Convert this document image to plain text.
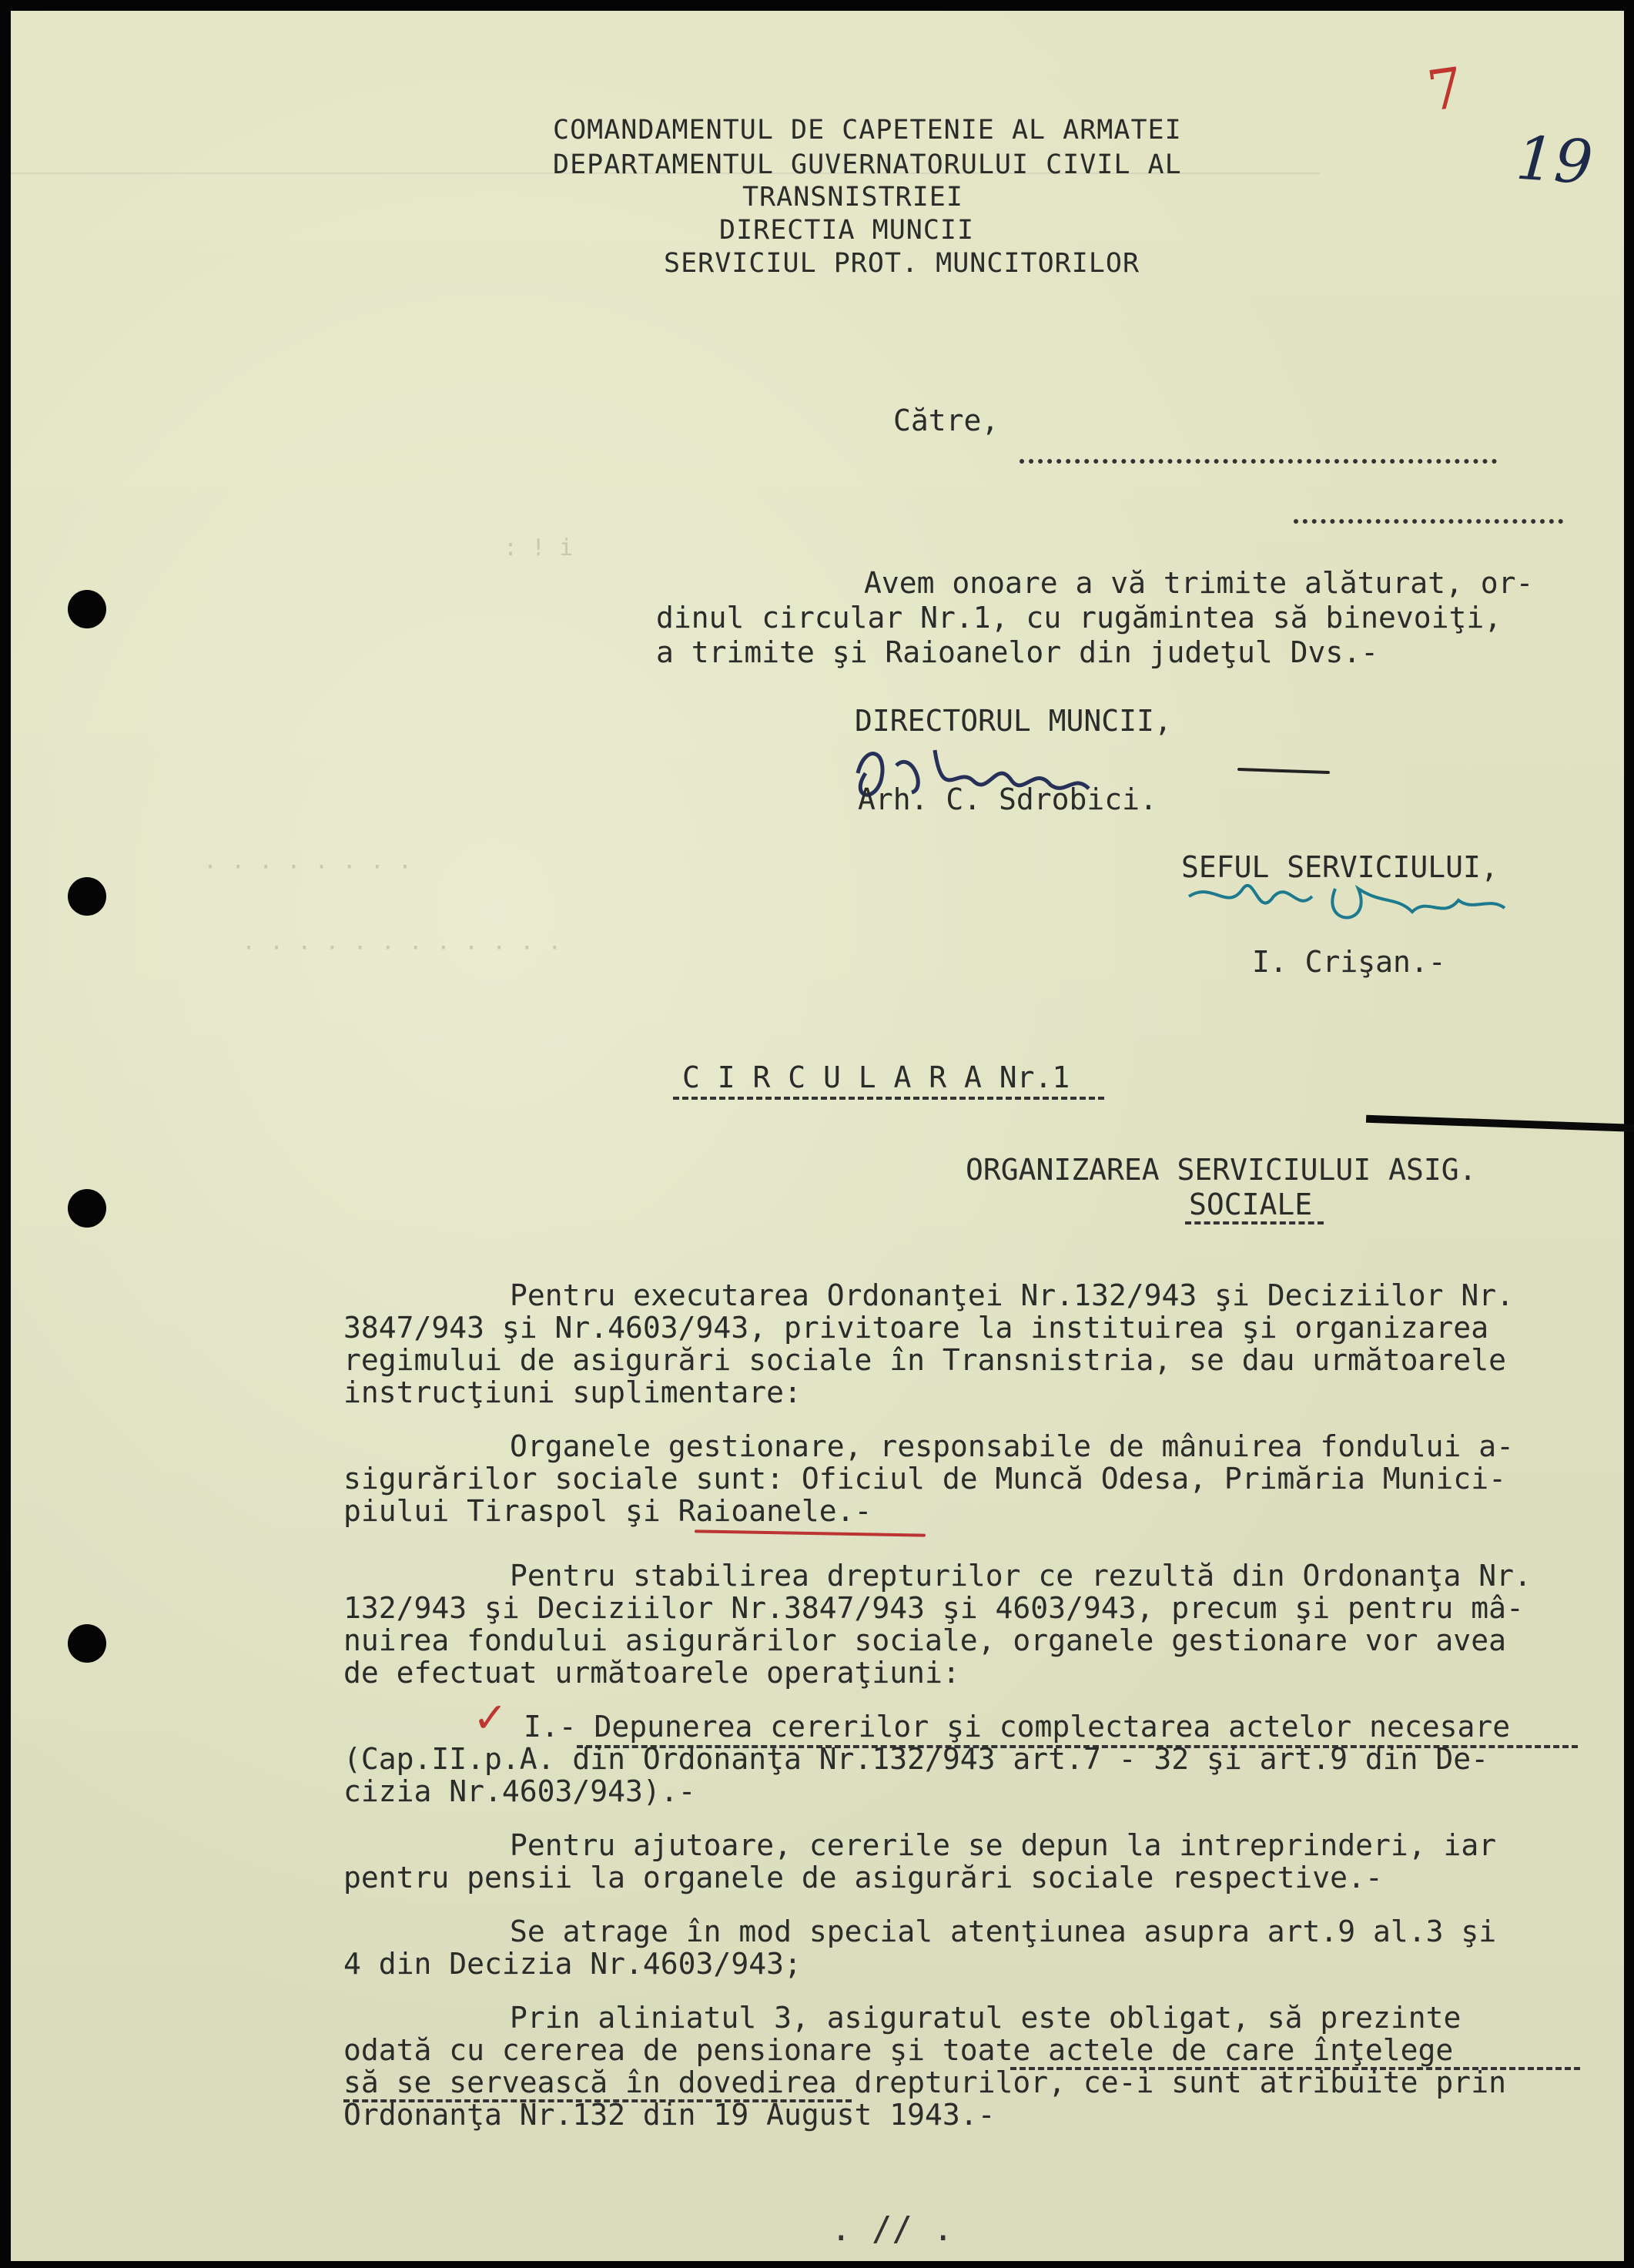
7
19
COMANDAMENTUL DE CAPETENIE AL ARMATEI
DEPARTAMENTUL GUVERNATORULUI CIVIL AL
TRANSNISTRIEI
DIRECTIA MUNCII
SERVICIUL PROT. MUNCITORILOR
Către,
: ! i
· · · · · · · ·
· · · · · · · · · · · ·
Avem onoare a vă trimite alăturat, or-
dinul circular Nr.1, cu rugămintea să binevoiţi,
a trimite şi Raioanelor din judeţul Dvs.-
DIRECTORUL MUNCII,
Arh. C. Sdrobici.
SEFUL SERVICIULUI,
I. Crişan.-
C I R C U L A R A Nr.1
ORGANIZAREA SERVICIULUI ASIG.
SOCIALE
Pentru executarea Ordonanţei Nr.132/943 şi Deciziilor Nr.
3847/943 şi Nr.4603/943, privitoare la instituirea şi organizarea
regimului de asigurări sociale în Transnistria, se dau următoarele
instrucţiuni suplimentare:
Organele gestionare, responsabile de mânuirea fondului a-
sigurărilor sociale sunt: Oficiul de Muncă Odesa, Primăria Munici-
piului Tiraspol şi Raioanele.-
Pentru stabilirea drepturilor ce rezultă din Ordonanţa Nr.
132/943 şi Deciziilor Nr.3847/943 şi 4603/943, precum şi pentru mâ-
nuirea fondului asigurărilor sociale, organele gestionare vor avea
de efectuat următoarele operaţiuni:
✓ I.- Depunerea cererilor şi complectarea actelor necesare
(Cap.II.p.A. din Ordonanţa Nr.132/943 art.7 - 32 şi art.9 din De-
cizia Nr.4603/943).-
Pentru ajutoare, cererile se depun la intreprinderi, iar
pentru pensii la organele de asigurări sociale respective.-
Se atrage în mod special atenţiunea asupra art.9 al.3 şi
4 din Decizia Nr.4603/943;
Prin aliniatul 3, asiguratul este obligat, să prezinte
odată cu cererea de pensionare şi toate actele de care înţelege
să se servească în dovedirea drepturilor, ce-i sunt atribuite prin
Ordonanţa Nr.132 din 19 August 1943.-
. // .
